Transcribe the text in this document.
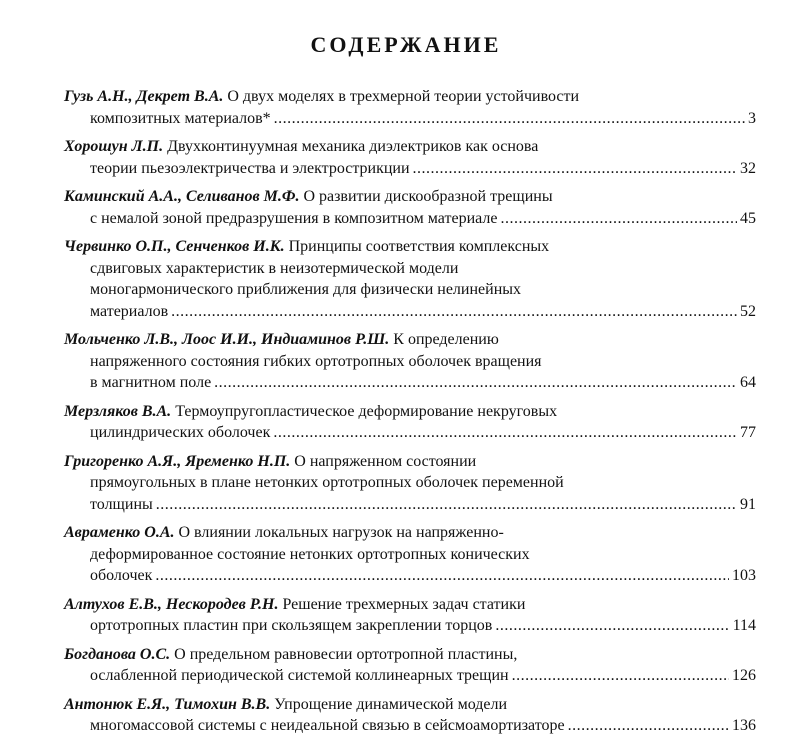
СОДЕРЖАНИЕ
Гузь А.Н., Декрет В.А. О двух моделях в трехмерной теории устойчивости
композитных материалов* .....	3
Хорошун Л.П. Двухконтинуумная механика диэлектриков как основа
теории пьезоэлектричества и электрострикции .....	32
Каминский А.А., Селиванов М.Ф. О развитии дискообразной трещины
с немалой зоной предразрушения в композитном материале .....	45
Червинко О.П., Сенченков И.К. Принципы соответствия комплексных
сдвиговых характеристик в неизотермической модели
моногармонического приближения для физически нелинейных
материалов .....	52
Мольченко Л.В., Лоос И.И., Индиаминов Р.Ш. К определению
напряженного состояния гибких ортотропных оболочек вращения
в магнитном поле .....	64
Мерзляков В.А. Термоупругопластическое деформирование некруговых
цилиндрических оболочек .....	77
Григоренко А.Я., Яременко Н.П. О напряженном состоянии
прямоугольных в плане нетонких ортотропных оболочек переменной
толщины .....	91
Авраменко О.А. О влиянии локальных нагрузок на напряженно-
деформированное состояние нетонких ортотропных конических
оболочек .....	103
Алтухов Е.В., Нескородев Р.Н. Решение трехмерных задач статики
ортотропных пластин при скользящем закреплении торцов .....	114
Богданова О.С. О предельном равновесии ортотропной пластины,
ослабленной периодической системой коллинеарных трещин .....	126
Антонюк Е.Я., Тимохин В.В. Упрощение динамической модели
многомассовой системы с неидеальной связью в сейсмоамортизаторе .....	136
